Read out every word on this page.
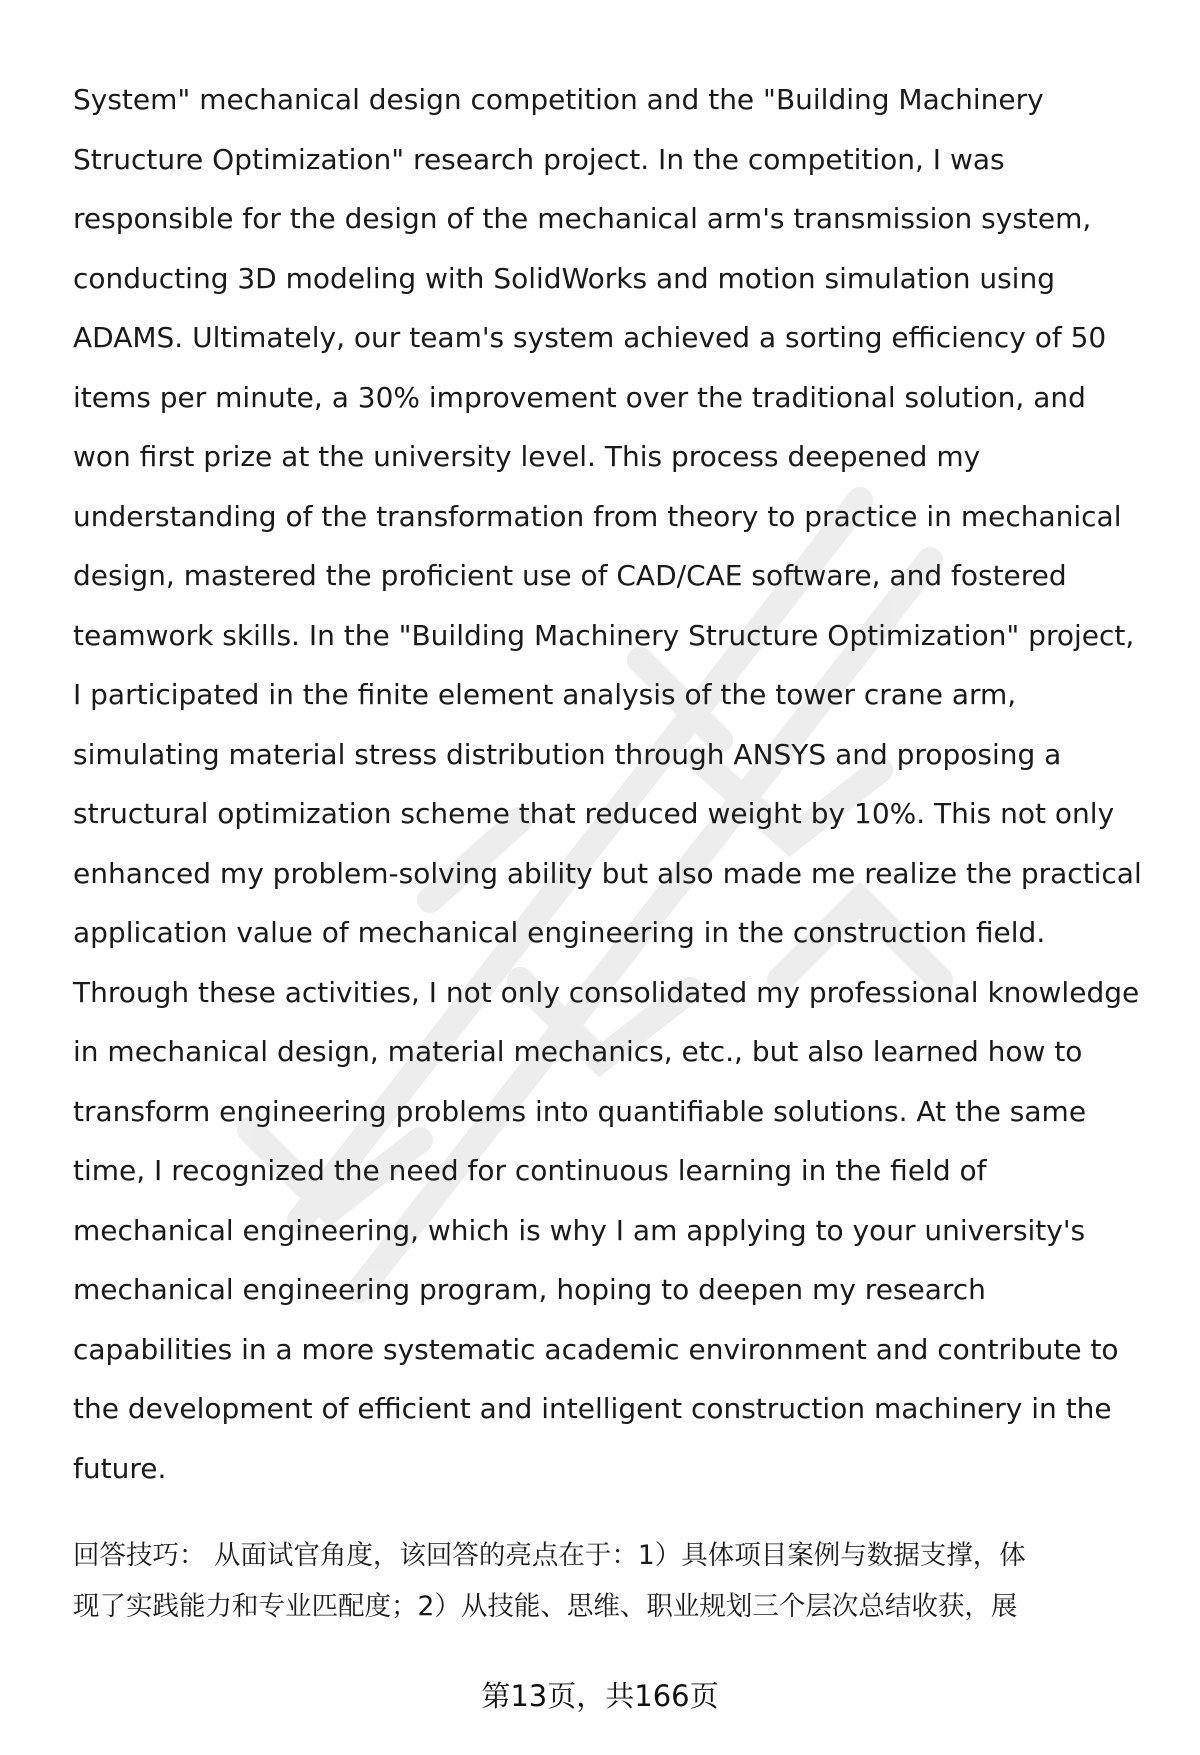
System" mechanical design competition and the "Building Machinery
Structure Optimization" research project. In the competition, I was
responsible for the design of the mechanical arm's transmission system,
conducting 3D modeling with SolidWorks and motion simulation using
ADAMS. Ultimately, our team's system achieved a sorting efficiency of 50
items per minute, a 30% improvement over the traditional solution, and
won first prize at the university level. This process deepened my
understanding of the transformation from theory to practice in mechanical
design, mastered the proficient use of CAD/CAE software, and fostered
teamwork skills. In the "Building Machinery Structure Optimization" project,
I participated in the finite element analysis of the tower crane arm,
simulating material stress distribution through ANSYS and proposing a
structural optimization scheme that reduced weight by 10%. This not only
enhanced my problem-solving ability but also made me realize the practical
application value of mechanical engineering in the construction field.
Through these activities, I not only consolidated my professional knowledge
in mechanical design, material mechanics, etc., but also learned how to
transform engineering problems into quantifiable solutions. At the same
time, I recognized the need for continuous learning in the field of
mechanical engineering, which is why I am applying to your university's
mechanical engineering program, hoping to deepen my research
capabilities in a more systematic academic environment and contribute to
the development of efficient and intelligent construction machinery in the
future.
回答技巧： 从面试官角度，该回答的亮点在于：1）具体项目案例与数据支撑，体
现了实践能力和专业匹配度；2）从技能、思维、职业规划三个层次总结收获，展
第13页，共166页
